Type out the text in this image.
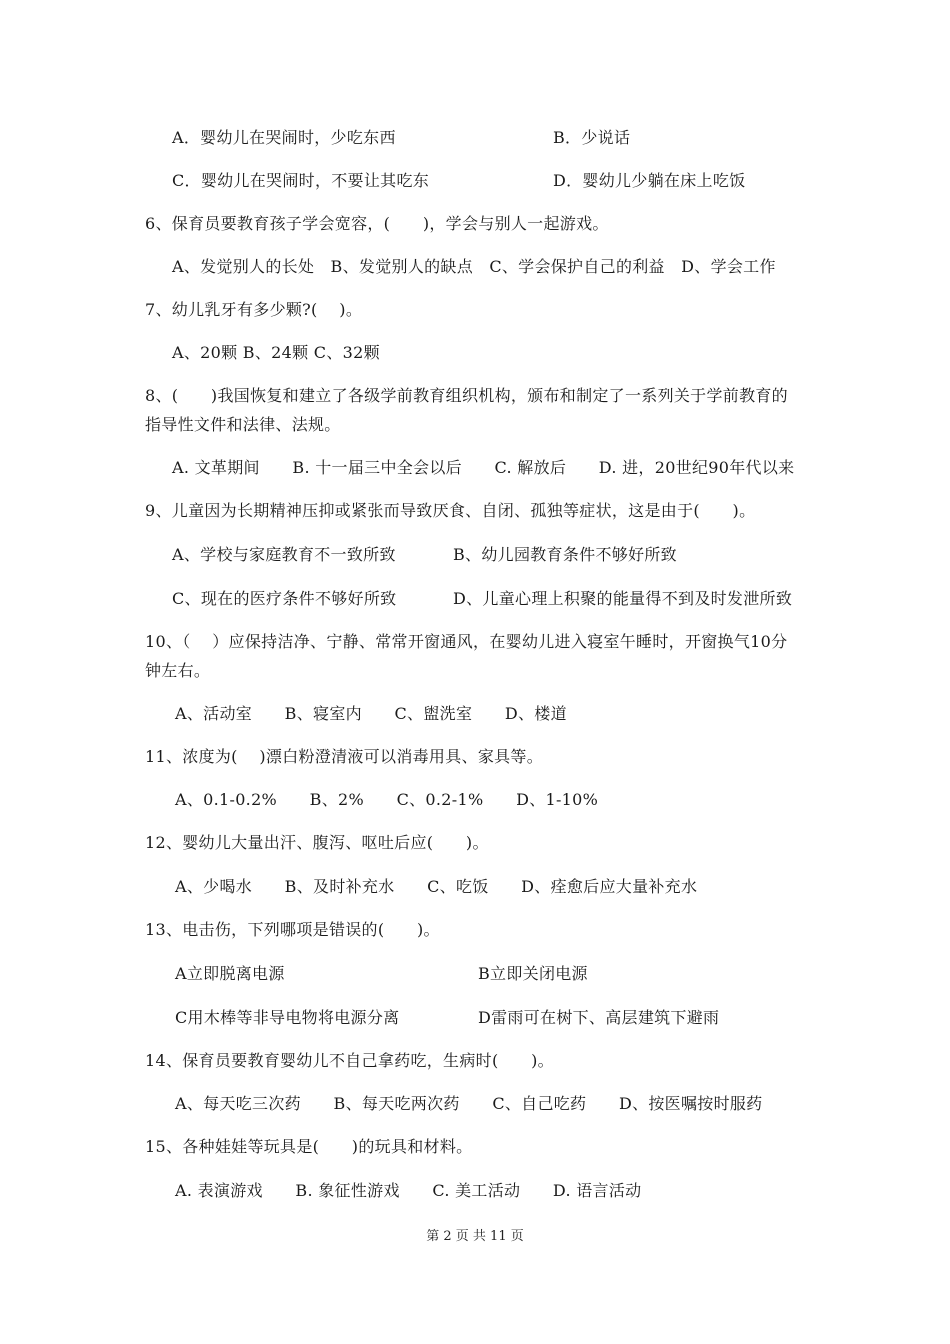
A．婴幼儿在哭闹时，少吃东西	B．少说话
C．婴幼儿在哭闹时，不要让其吃东	D．婴幼儿少躺在床上吃饭
6、保育员要教育孩子学会宽容，(　　)，学会与别人一起游戏。
A、发觉别人的长处　B、发觉别人的缺点　C、学会保护自己的利益　D、学会工作
7、幼儿乳牙有多少颗?(　 )。
A、20颗 B、24颗 C、32颗
8、(　　)我国恢复和建立了各级学前教育组织机构，颁布和制定了一系列关于学前教育的
指导性文件和法律、法规。
A. 文革期间　　B. 十一届三中全会以后　　C. 解放后　　D. 进，20世纪90年代以来
9、儿童因为长期精神压抑或紧张而导致厌食、自闭、孤独等症状，这是由于(　　)。
A、学校与家庭教育不一致所致	B、幼儿园教育条件不够好所致
C、现在的医疗条件不够好所致	D、儿童心理上积聚的能量得不到及时发泄所致
10、（　 ）应保持洁净、宁静、常常开窗通风，在婴幼儿进入寝室午睡时，开窗换气10分
钟左右。
A、活动室　　B、寝室内　　C、盥洗室　　D、楼道
11、浓度为(　 )漂白粉澄清液可以消毒用具、家具等。
A、0.1-0.2%　　B、2%　　C、0.2-1%　　D、1-10%
12、婴幼儿大量出汗、腹泻、呕吐后应(　　)。
A、少喝水　　B、及时补充水　　C、吃饭　　D、痊愈后应大量补充水
13、电击伤，下列哪项是错误的(　　)。
A立即脱离电源	B立即关闭电源
C用木棒等非导电物将电源分离	D雷雨可在树下、高层建筑下避雨
14、保育员要教育婴幼儿不自己拿药吃，生病时(　　)。
A、每天吃三次药　　B、每天吃两次药　　C、自己吃药　　D、按医嘱按时服药
15、各种娃娃等玩具是(　　)的玩具和材料。
A. 表演游戏　　B. 象征性游戏　　C. 美工活动　　D. 语言活动
第 2 页 共 11 页
